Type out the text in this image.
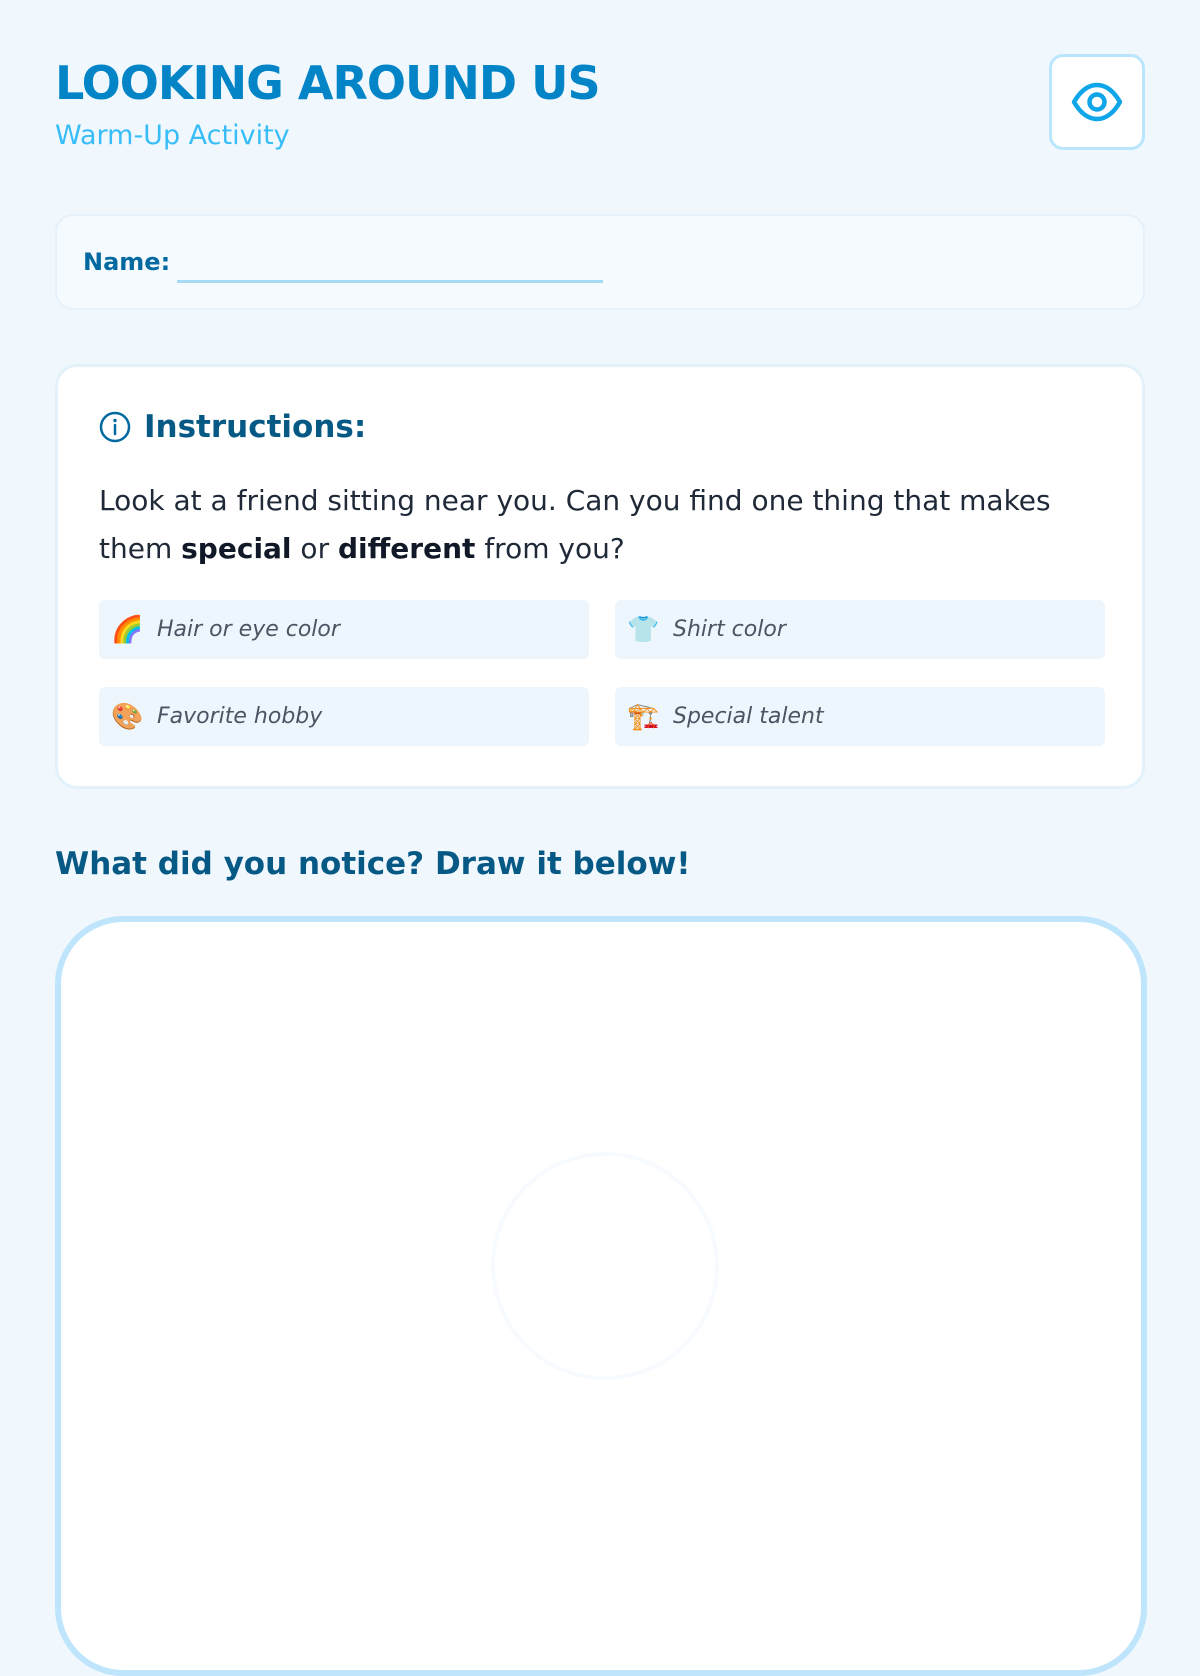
LOOKING AROUND US
Warm-Up Activity
Name:
Instructions:
Look at a friend sitting near you. Can you find one thing that makes them special or different from you?
🌈 Hair or eye color	👕 Shirt color
🎨 Favorite hobby	🏗️ Special talent
What did you notice? Draw it below!
